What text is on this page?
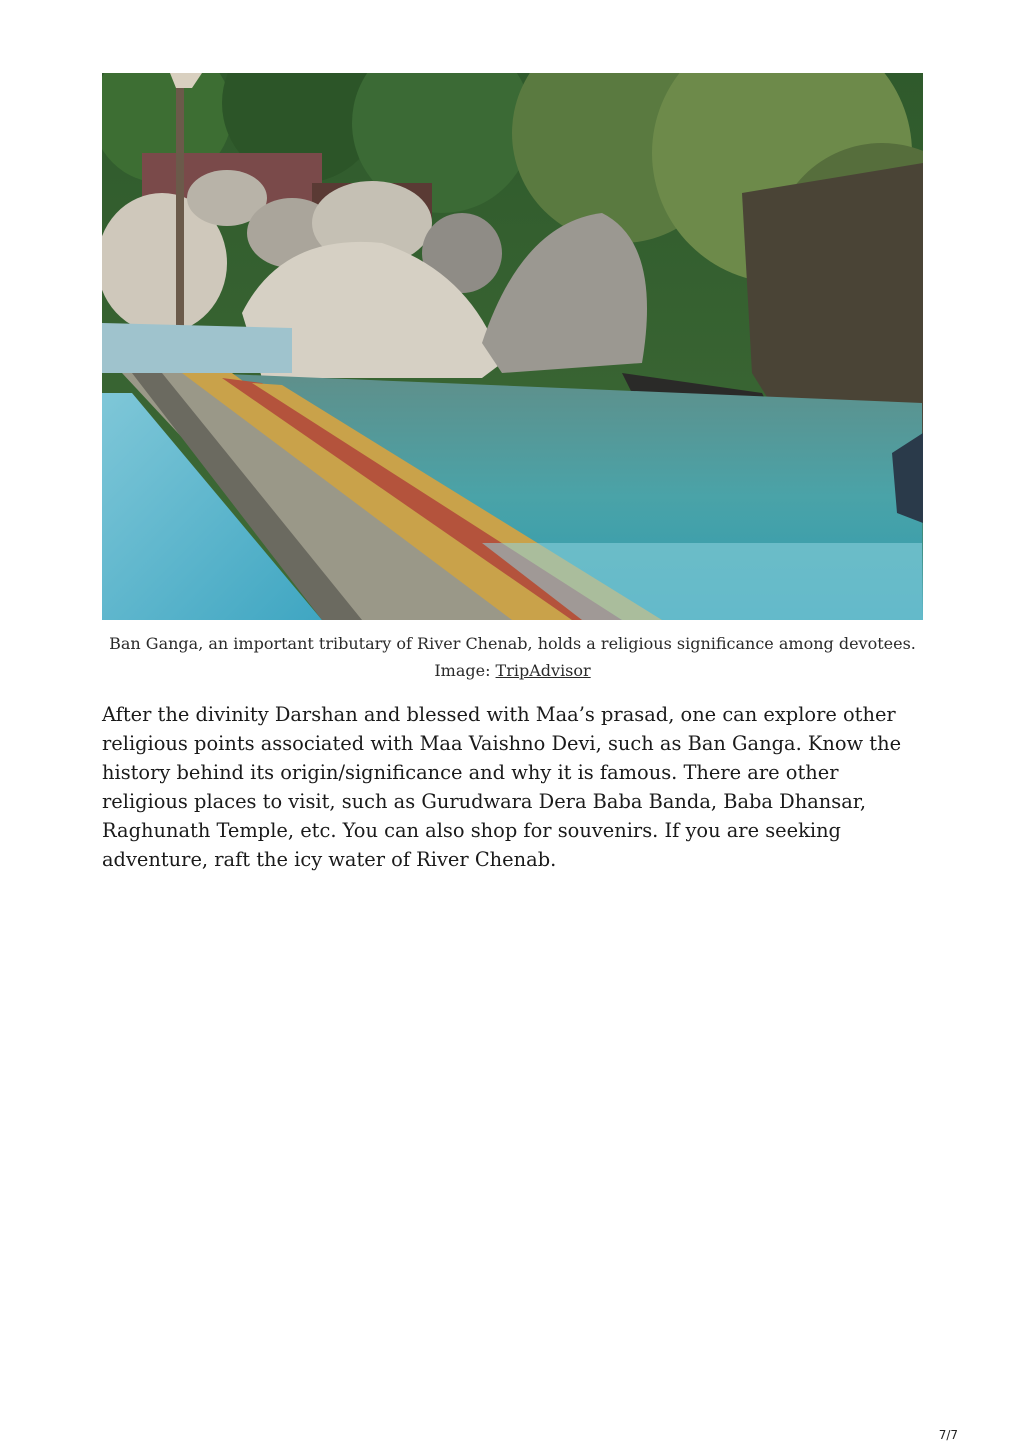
Ban Ganga, an important tributary of River Chenab, holds a religious significance among devotees.
Image: TripAdvisor

After the divinity Darshan and blessed with Maa’s prasad, one can explore other religious points associated with Maa Vaishno Devi, such as Ban Ganga. Know the history behind its origin/significance and why it is famous. There are other religious places to visit, such as Gurudwara Dera Baba Banda, Baba Dhansar, Raghunath Temple, etc. You can also shop for souvenirs. If you are seeking adventure, raft the icy water of River Chenab.

7/7
